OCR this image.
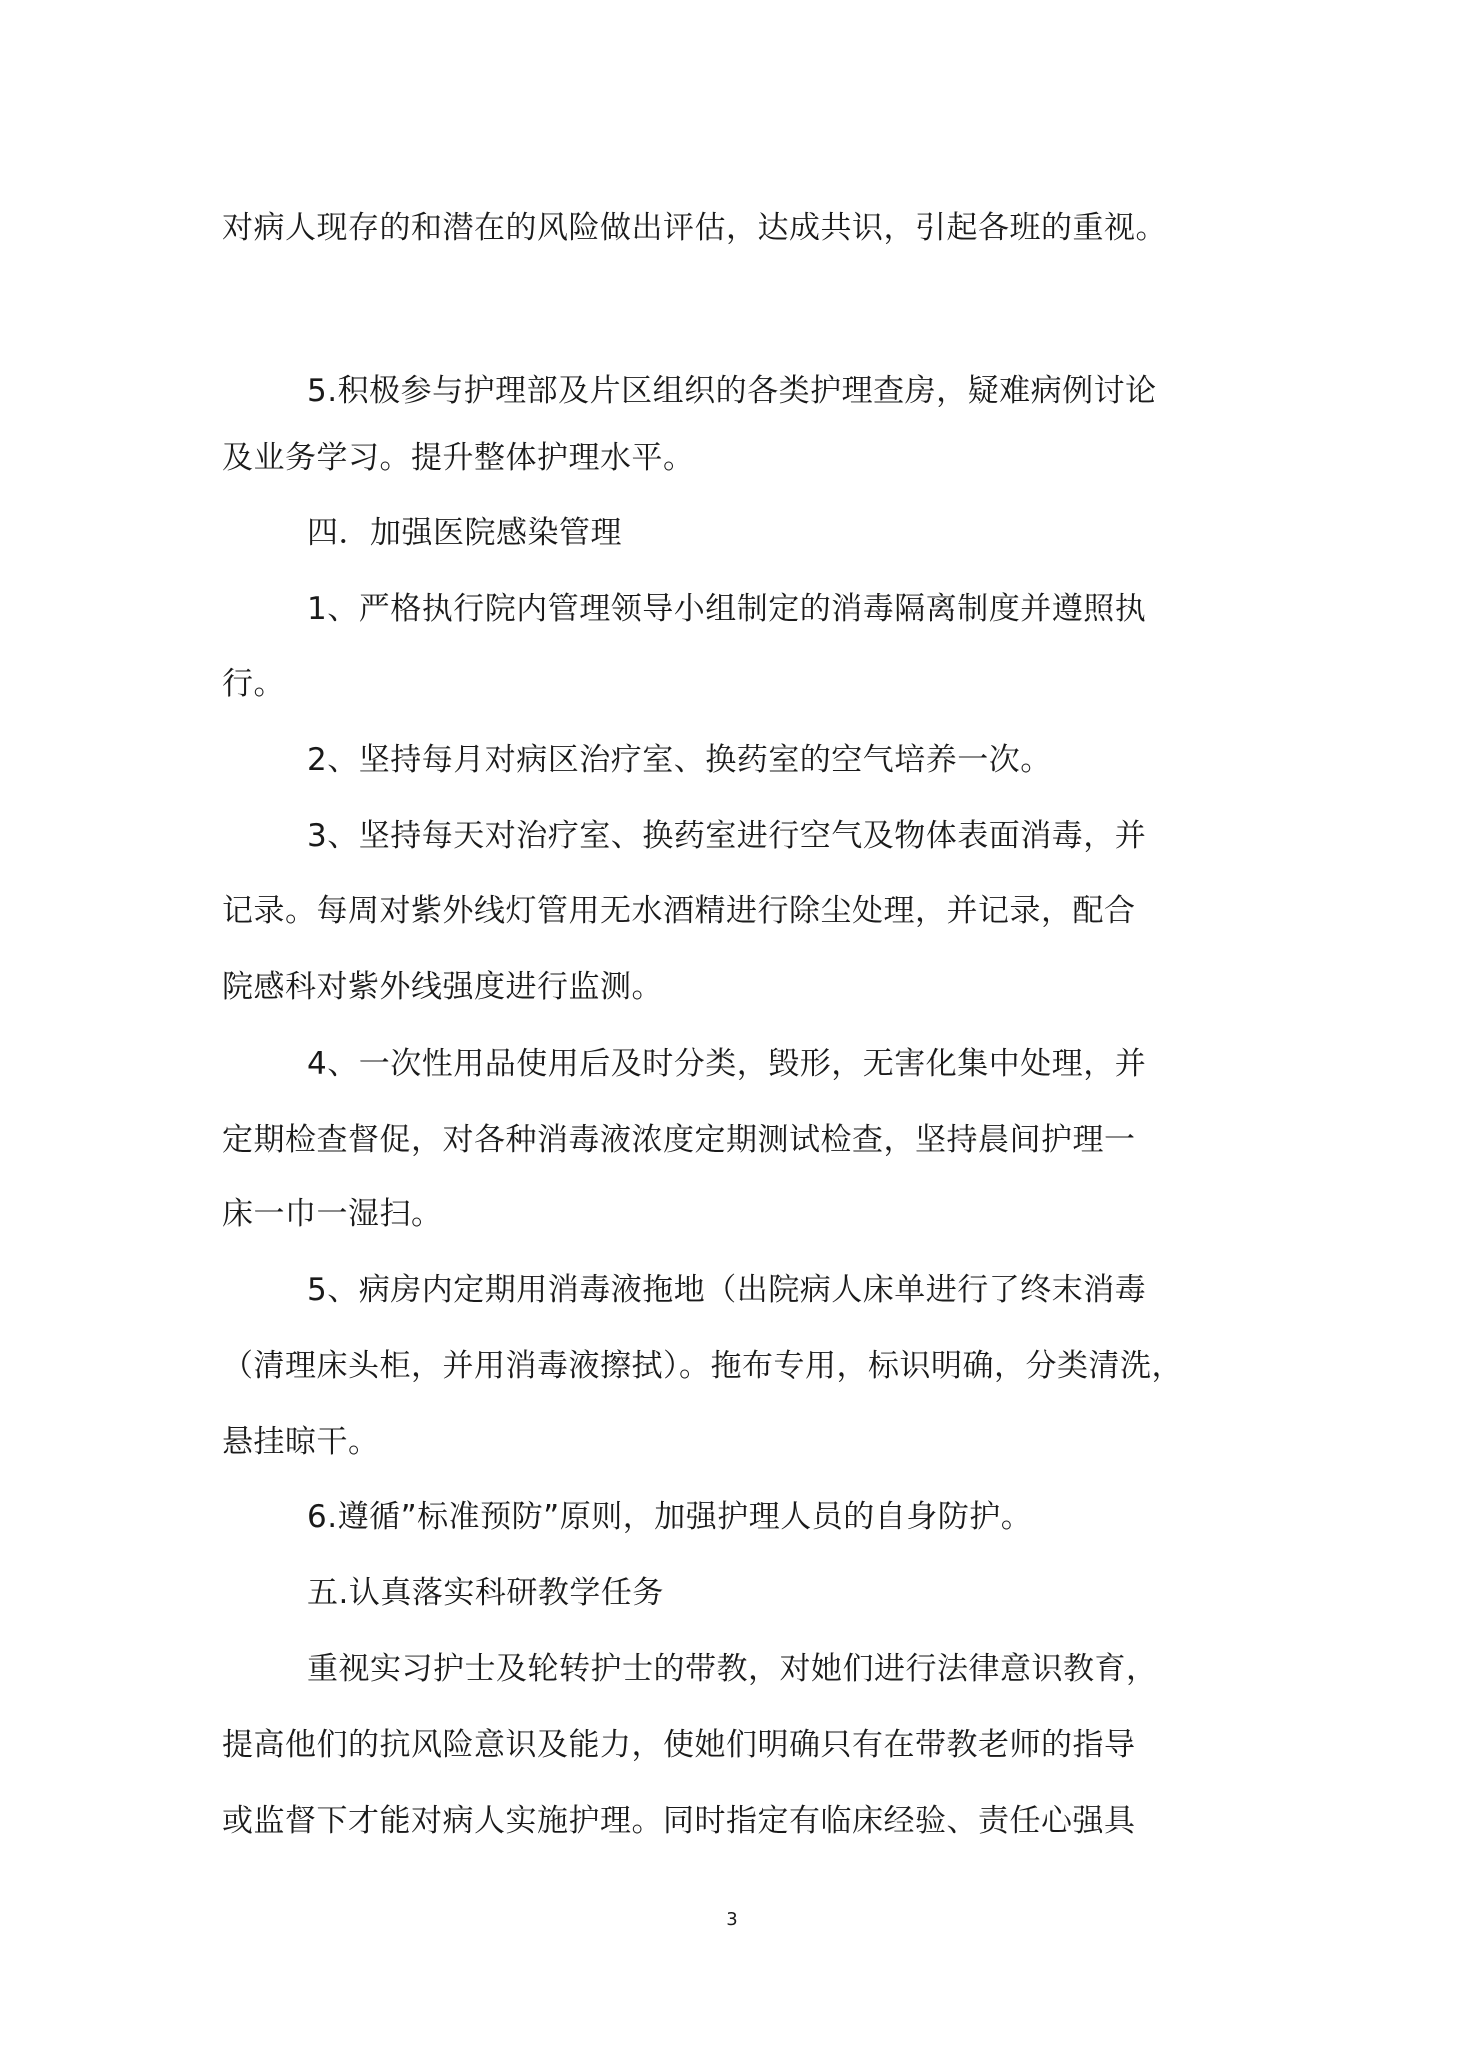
对病人现存的和潜在的风险做出评估，达成共识，引起各班的重视。
5.积极参与护理部及片区组织的各类护理查房，疑难病例讨论
及业务学习。提升整体护理水平。
四．加强医院感染管理
1、严格执行院内管理领导小组制定的消毒隔离制度并遵照执
行。
2、坚持每月对病区治疗室、换药室的空气培养一次。
3、坚持每天对治疗室、换药室进行空气及物体表面消毒，并
记录。每周对紫外线灯管用无水酒精进行除尘处理，并记录，配合
院感科对紫外线强度进行监测。
4、一次性用品使用后及时分类，毁形，无害化集中处理，并
定期检查督促，对各种消毒液浓度定期测试检查，坚持晨间护理一
床一巾一湿扫。
5、病房内定期用消毒液拖地（出院病人床单进行了终末消毒
（清理床头柜，并用消毒液擦拭）。拖布专用，标识明确，分类清洗，
悬挂晾干。
6.遵循”标准预防”原则，加强护理人员的自身防护。
五.认真落实科研教学任务
重视实习护士及轮转护士的带教，对她们进行法律意识教育，
提高他们的抗风险意识及能力，使她们明确只有在带教老师的指导
或监督下才能对病人实施护理。同时指定有临床经验、责任心强具
3
